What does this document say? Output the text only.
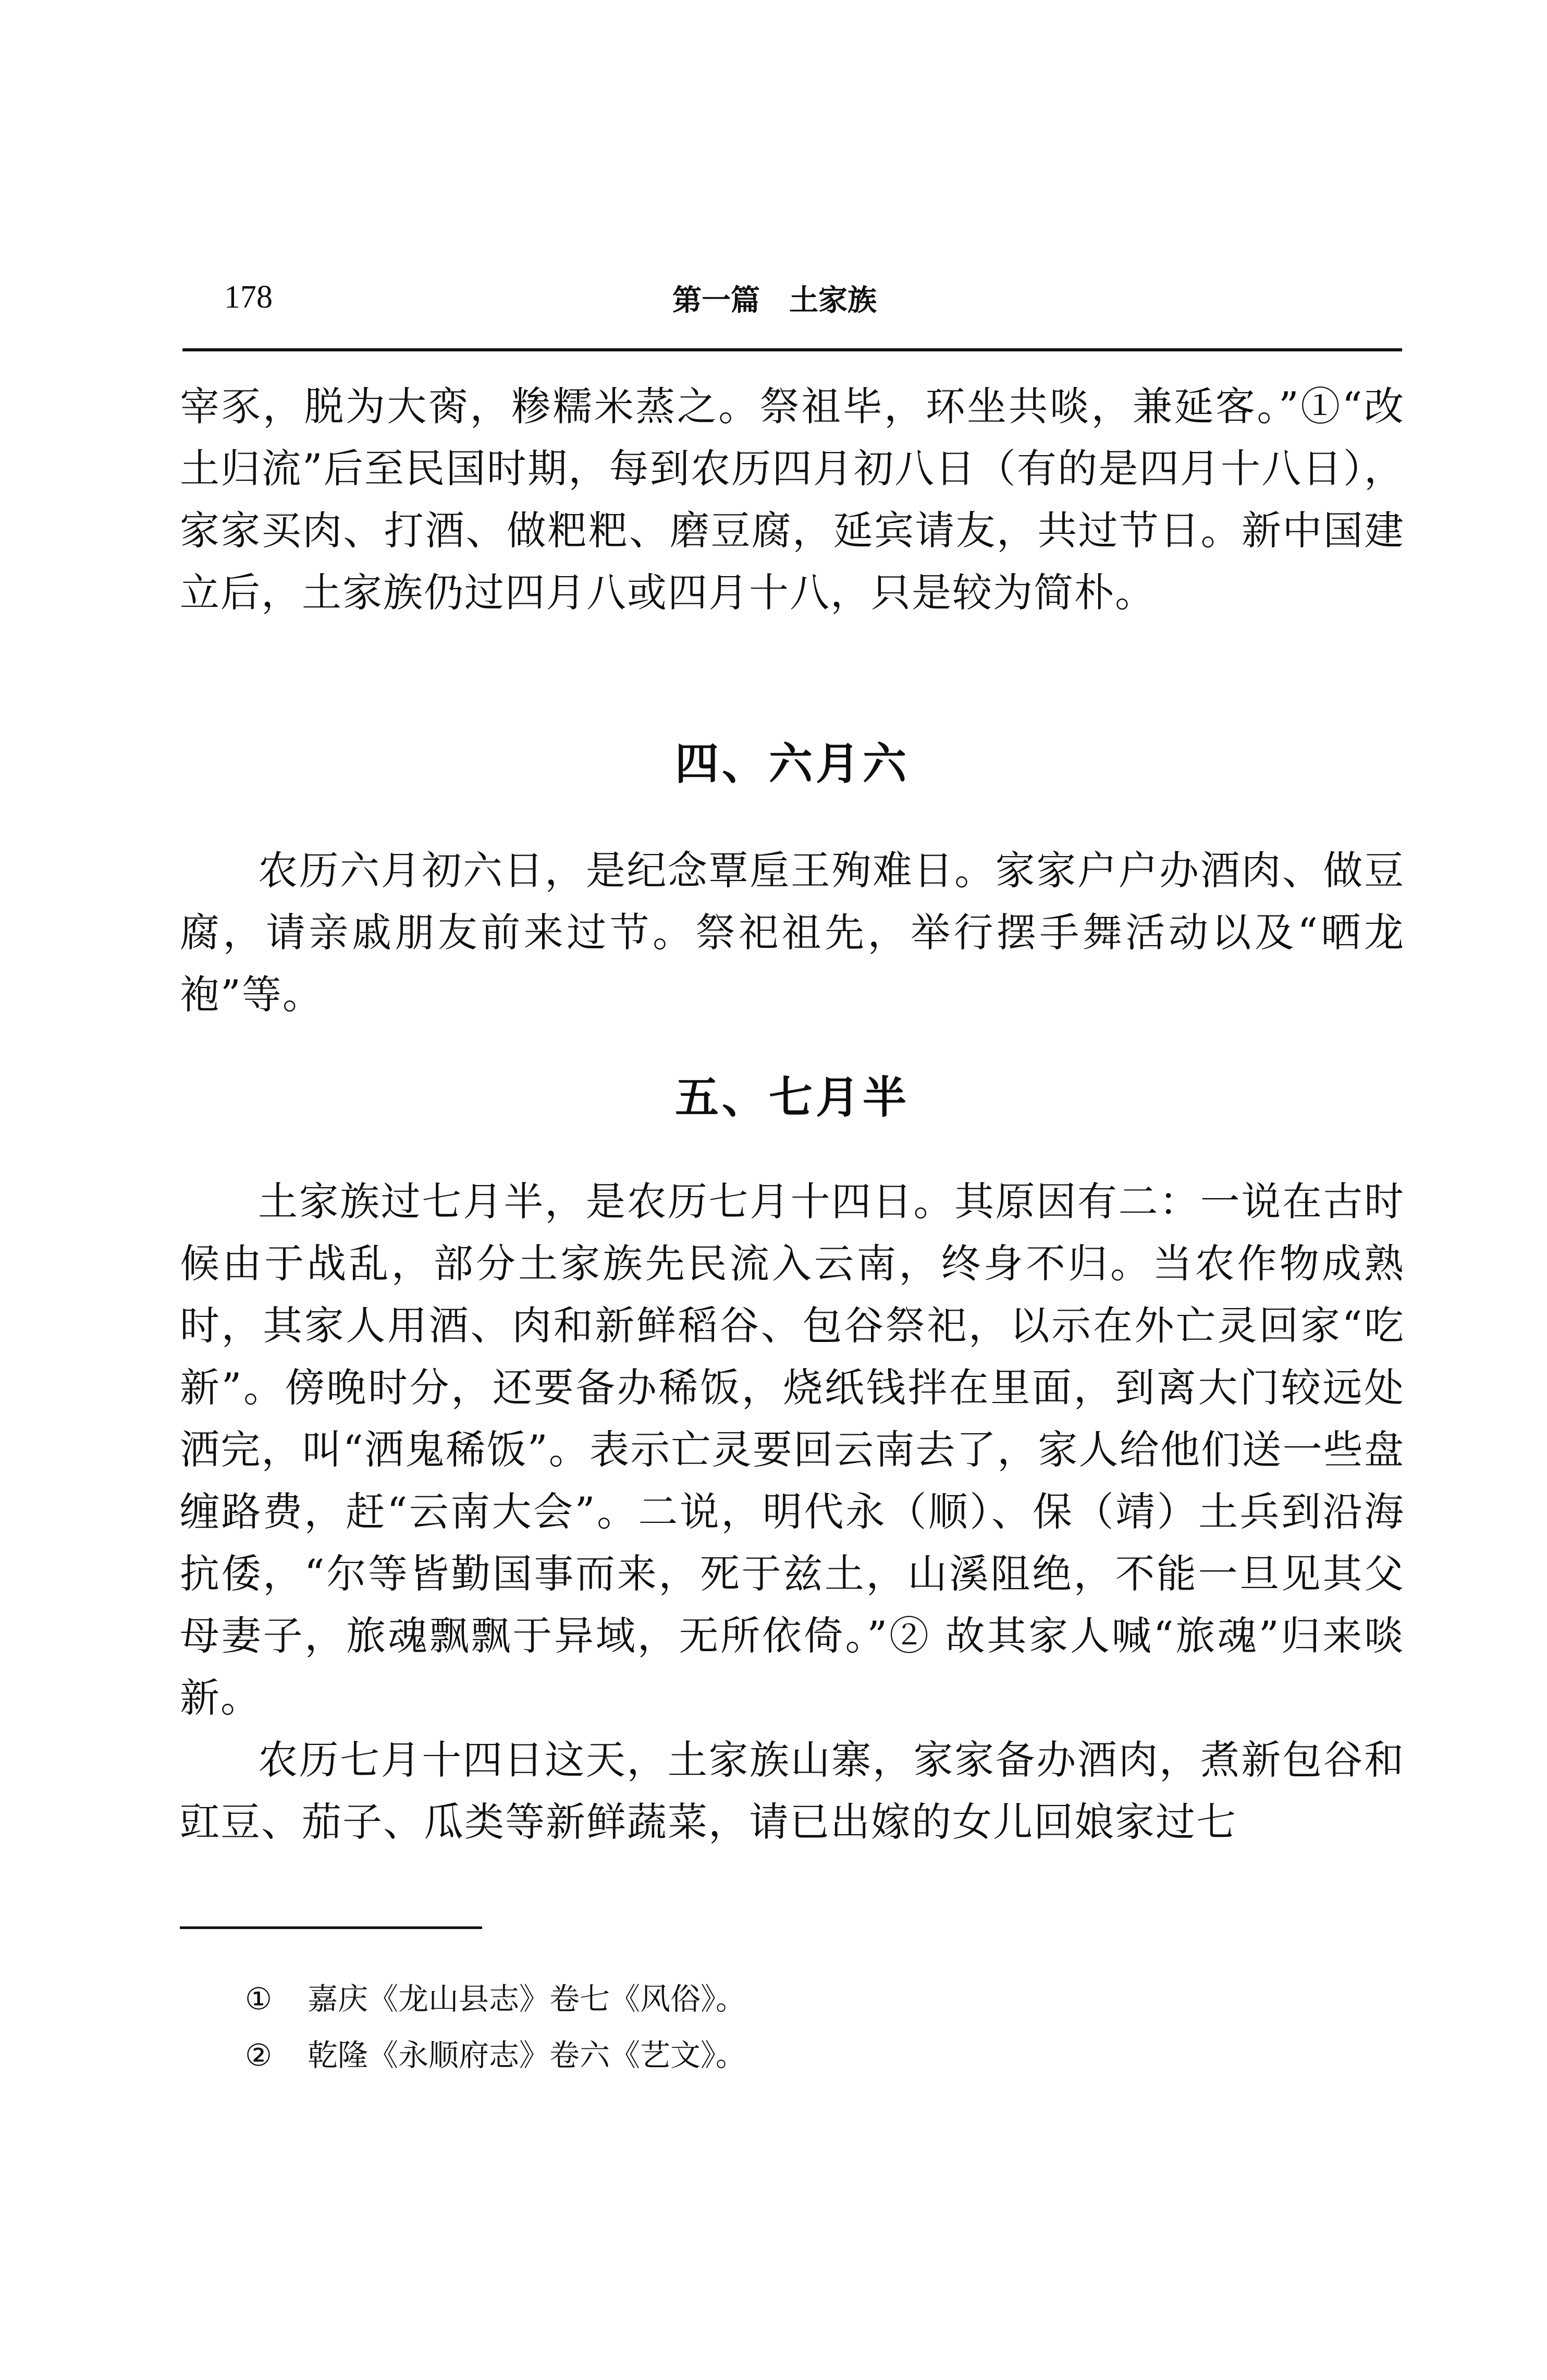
178	第一篇　土家族

宰豕，脱为大脔，糁糯米蒸之。祭祖毕，环坐共啖，兼延客。”①“改土归流”后至民国时期，每到农历四月初八日（有的是四月十八日），家家买肉、打酒、做粑粑、磨豆腐，延宾请友，共过节日。新中国建立后，土家族仍过四月八或四月十八，只是较为简朴。

四、六月六

农历六月初六日，是纪念覃垕王殉难日。家家户户办酒肉、做豆腐，请亲戚朋友前来过节。祭祀祖先，举行摆手舞活动以及“晒龙袍”等。

五、七月半

土家族过七月半，是农历七月十四日。其原因有二：一说在古时候由于战乱，部分土家族先民流入云南，终身不归。当农作物成熟时，其家人用酒、肉和新鲜稻谷、包谷祭祀，以示在外亡灵回家“吃新”。傍晚时分，还要备办稀饭，烧纸钱拌在里面，到离大门较远处洒完，叫“洒鬼稀饭”。表示亡灵要回云南去了，家人给他们送一些盘缠路费，赶“云南大会”。二说，明代永（顺）、保（靖）土兵到沿海抗倭，“尔等皆勤国事而来，死于兹土，山溪阻绝，不能一旦见其父母妻子，旅魂飘飘于异域，无所依倚。”② 故其家人喊“旅魂”归来啖新。

农历七月十四日这天，土家族山寨，家家备办酒肉，煮新包谷和豇豆、茄子、瓜类等新鲜蔬菜，请已出嫁的女儿回娘家过七

① 嘉庆《龙山县志》卷七《风俗》。
② 乾隆《永顺府志》卷六《艺文》。
